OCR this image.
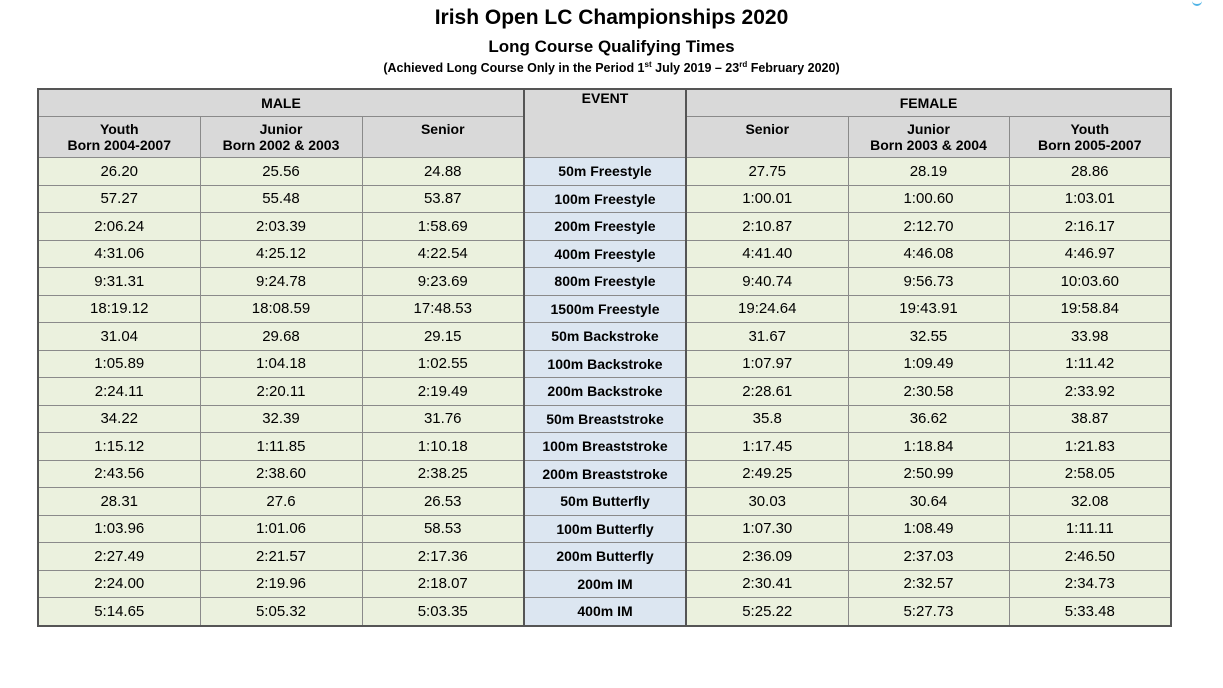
Irish Open LC Championships 2020
Long Course Qualifying Times
(Achieved Long Course Only in the Period 1st July 2019 – 23rd February 2020)
MALE			EVENT	FEMALE		
Youth	Junior	Senior		Senior	Junior	Youth
Born 2004-2007	Born 2002 & 2003				Born 2003 & 2004	Born 2005-2007
26.20	25.56	24.88	50m Freestyle	27.75	28.19	28.86
57.27	55.48	53.87	100m Freestyle	1:00.01	1:00.60	1:03.01
2:06.24	2:03.39	1:58.69	200m Freestyle	2:10.87	2:12.70	2:16.17
4:31.06	4:25.12	4:22.54	400m Freestyle	4:41.40	4:46.08	4:46.97
9:31.31	9:24.78	9:23.69	800m Freestyle	9:40.74	9:56.73	10:03.60
18:19.12	18:08.59	17:48.53	1500m Freestyle	19:24.64	19:43.91	19:58.84
31.04	29.68	29.15	50m Backstroke	31.67	32.55	33.98
1:05.89	1:04.18	1:02.55	100m Backstroke	1:07.97	1:09.49	1:11.42
2:24.11	2:20.11	2:19.49	200m Backstroke	2:28.61	2:30.58	2:33.92
34.22	32.39	31.76	50m Breaststroke	35.8	36.62	38.87
1:15.12	1:11.85	1:10.18	100m Breaststroke	1:17.45	1:18.84	1:21.83
2:43.56	2:38.60	2:38.25	200m Breaststroke	2:49.25	2:50.99	2:58.05
28.31	27.6	26.53	50m Butterfly	30.03	30.64	32.08
1:03.96	1:01.06	58.53	100m Butterfly	1:07.30	1:08.49	1:11.11
2:27.49	2:21.57	2:17.36	200m Butterfly	2:36.09	2:37.03	2:46.50
2:24.00	2:19.96	2:18.07	200m IM	2:30.41	2:32.57	2:34.73
5:14.65	5:05.32	5:03.35	400m IM	5:25.22	5:27.73	5:33.48
